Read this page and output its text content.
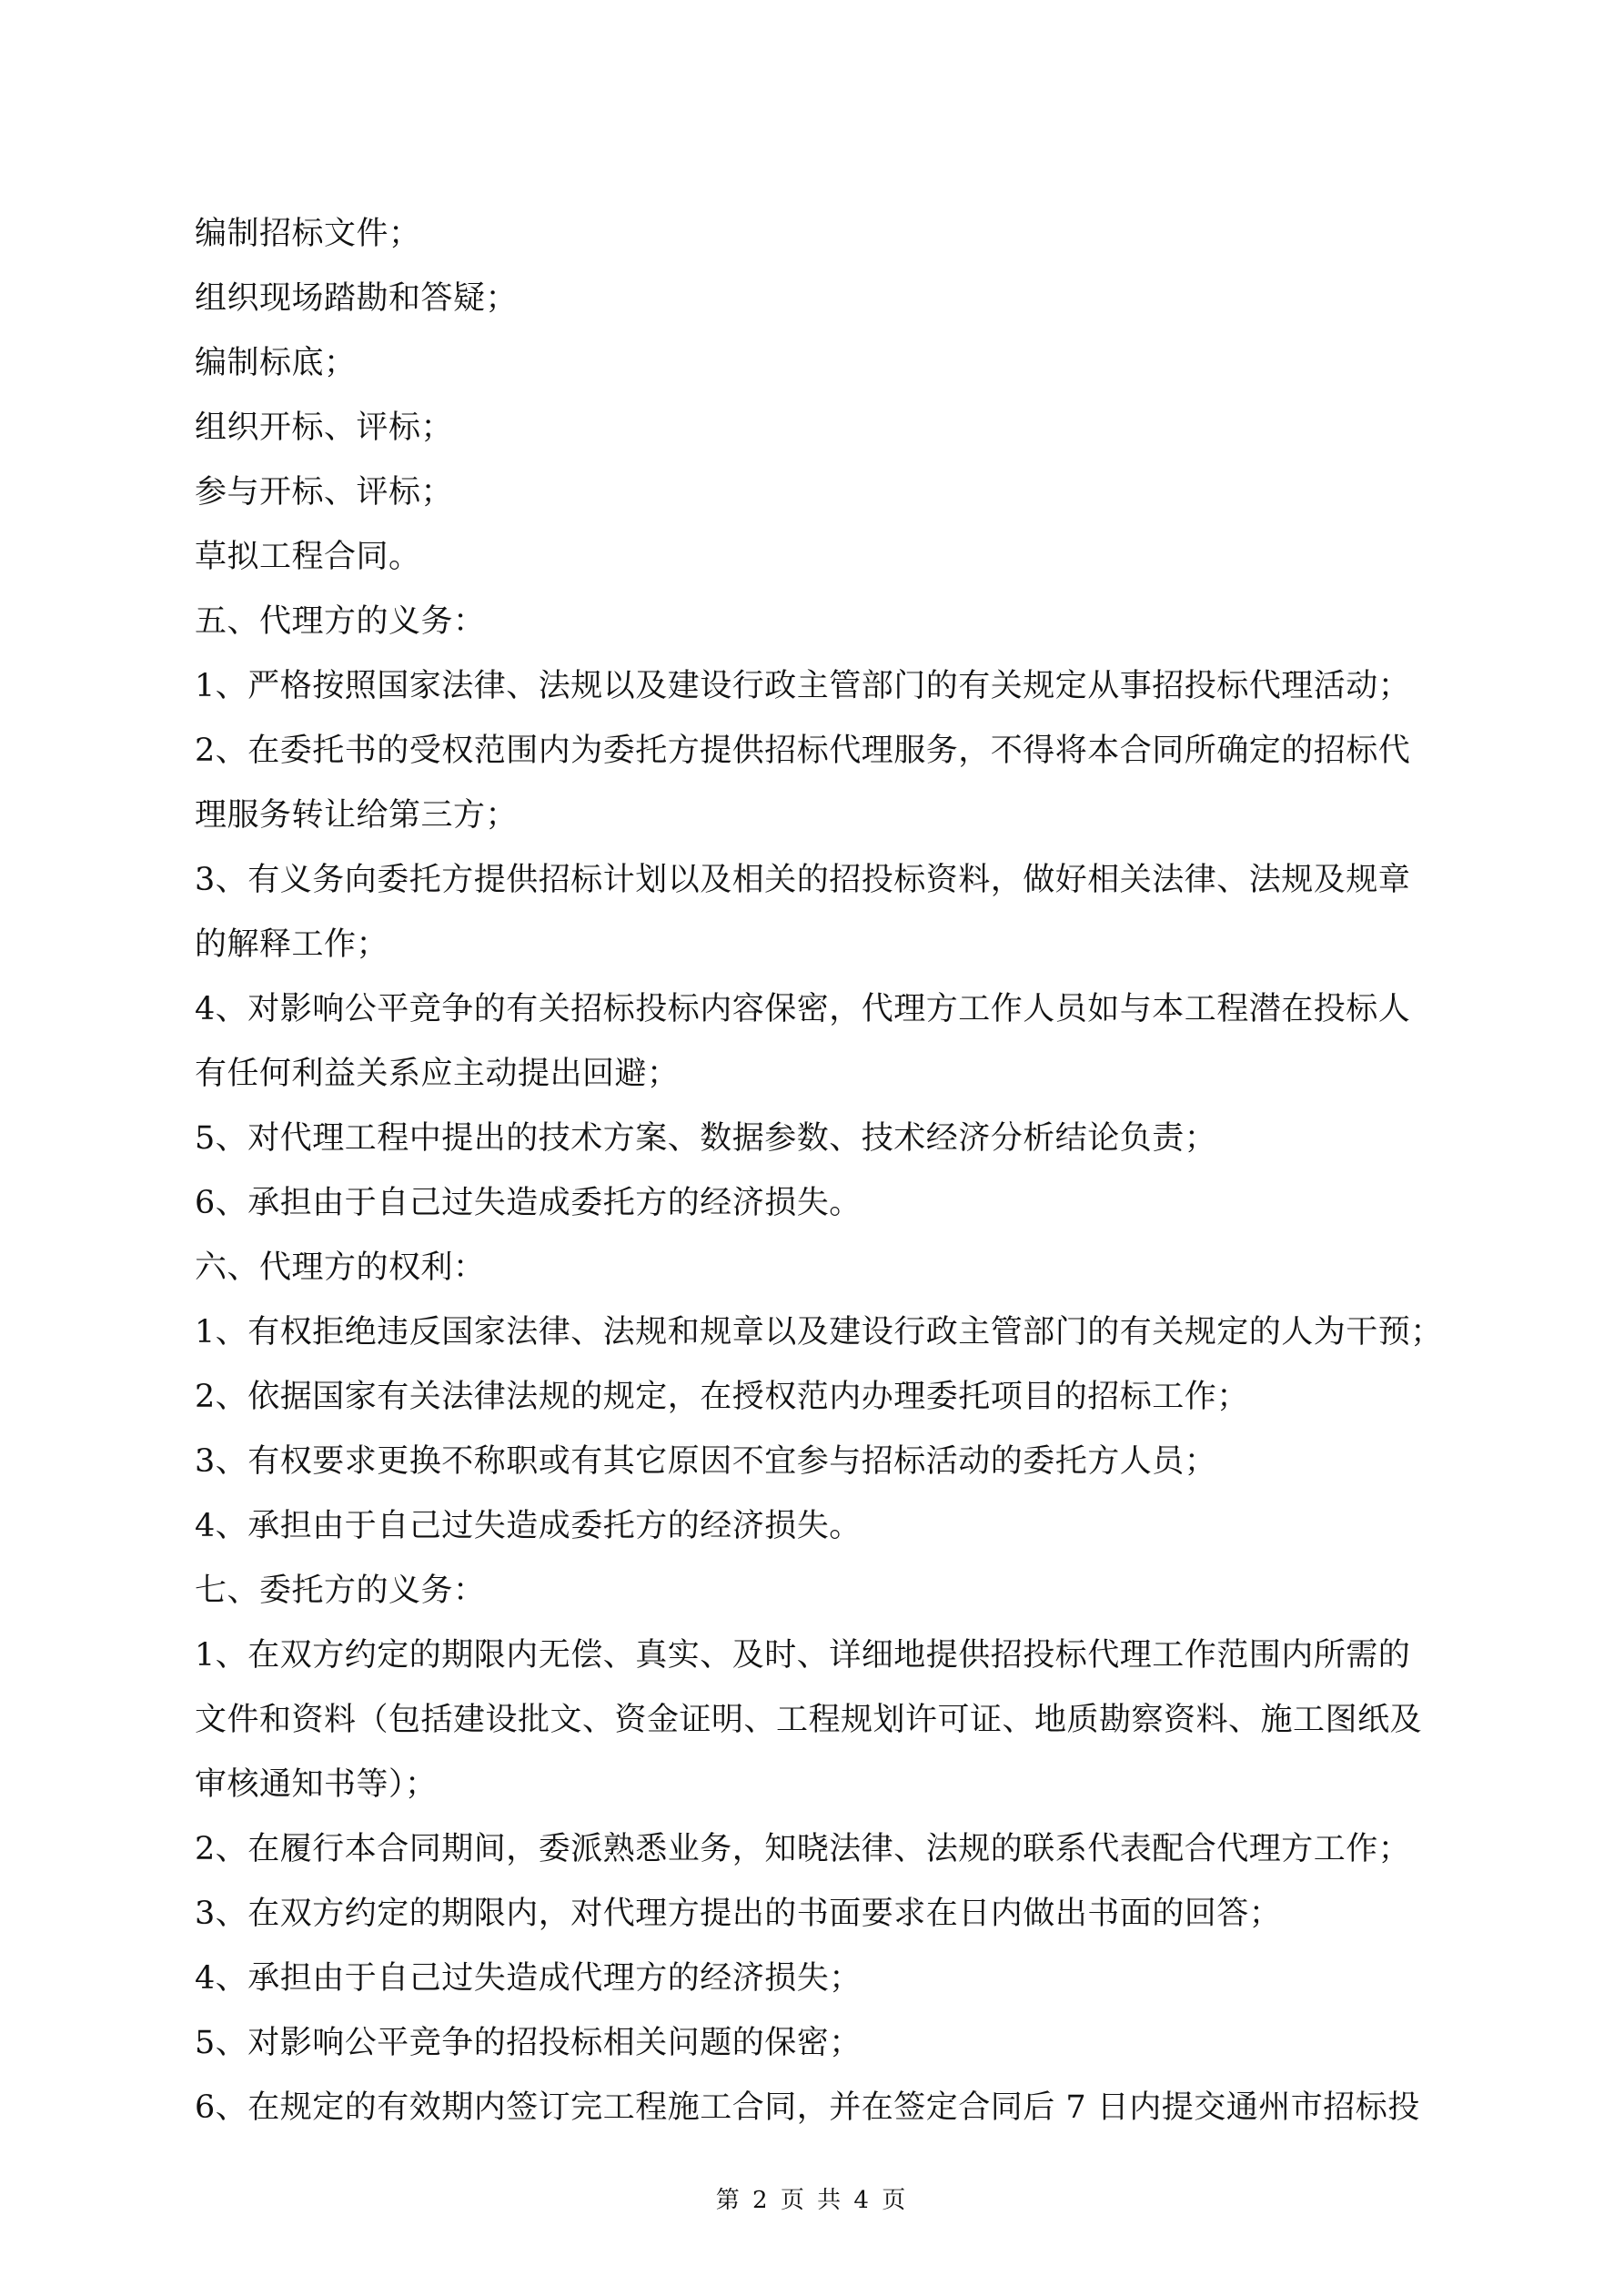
编制招标文件；
组织现场踏勘和答疑；
编制标底；
组织开标、评标；
参与开标、评标；
草拟工程合同。
五、代理方的义务：
1、严格按照国家法律、法规以及建设行政主管部门的有关规定从事招投标代理活动；
2、在委托书的受权范围内为委托方提供招标代理服务，不得将本合同所确定的招标代
理服务转让给第三方；
3、有义务向委托方提供招标计划以及相关的招投标资料，做好相关法律、法规及规章
的解释工作；
4、对影响公平竞争的有关招标投标内容保密，代理方工作人员如与本工程潜在投标人
有任何利益关系应主动提出回避；
5、对代理工程中提出的技术方案、数据参数、技术经济分析结论负责；
6、承担由于自己过失造成委托方的经济损失。
六、代理方的权利：
1、有权拒绝违反国家法律、法规和规章以及建设行政主管部门的有关规定的人为干预；
2、依据国家有关法律法规的规定，在授权范内办理委托项目的招标工作；
3、有权要求更换不称职或有其它原因不宜参与招标活动的委托方人员；
4、承担由于自己过失造成委托方的经济损失。
七、委托方的义务：
1、在双方约定的期限内无偿、真实、及时、详细地提供招投标代理工作范围内所需的
文件和资料（包括建设批文、资金证明、工程规划许可证、地质勘察资料、施工图纸及
审核通知书等）；
2、在履行本合同期间，委派熟悉业务，知晓法律、法规的联系代表配合代理方工作；
3、在双方约定的期限内，对代理方提出的书面要求在日内做出书面的回答；
4、承担由于自己过失造成代理方的经济损失；
5、对影响公平竞争的招投标相关问题的保密；
6、在规定的有效期内签订完工程施工合同，并在签定合同后 7 日内提交通州市招标投
第 2 页 共 4 页
